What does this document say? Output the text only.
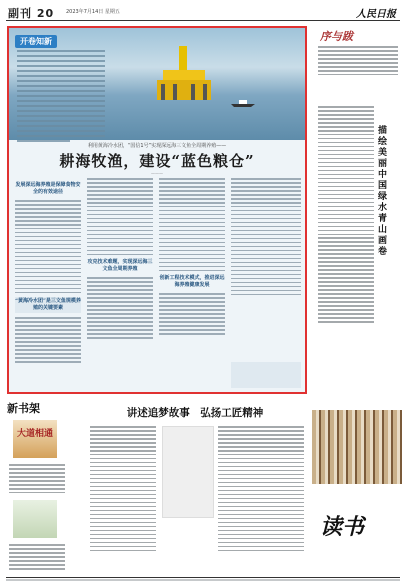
副刊 20 2023年7月14日 星期五	人民日报
开卷知新
利用黄海冷水团，“国信1号”实现深远海三文鱼全周期养殖——
耕海牧渔，建设“蓝色粮仓”
———
发展深远海养殖是保障食物安全的有效途径
“黄海冷水团”是三文鱼规模养殖的关键要素
攻克技术难题，实现深远海三文鱼全周期养殖
创新工程技术模式，推进深远海养殖健康发展
序与跋
描绘美丽中国绿水青山画卷
新书架
大道相通
讲述追梦故事　弘扬工匠精神
读书
